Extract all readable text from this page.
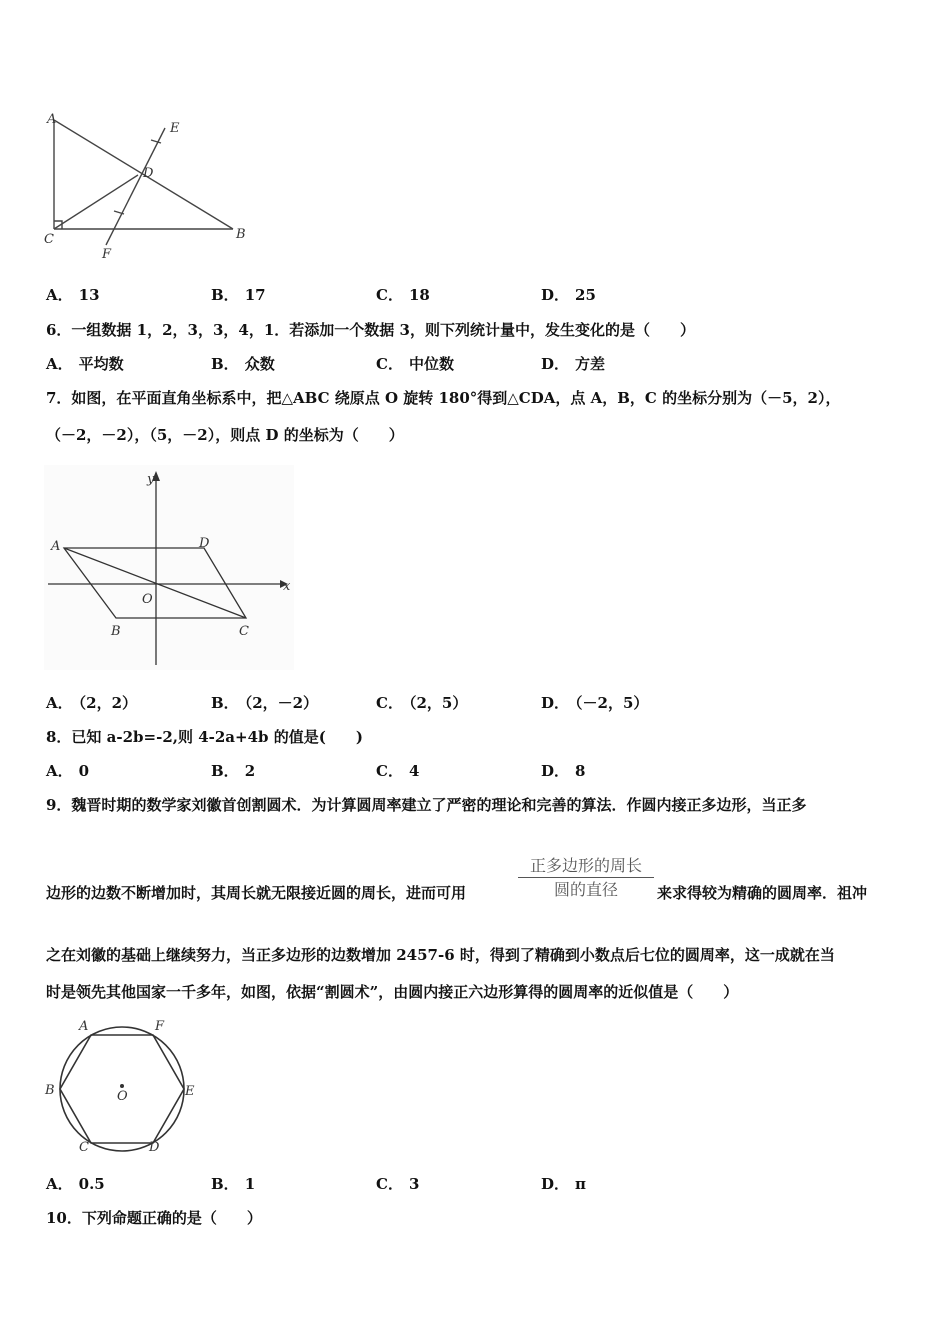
A
B
C
D
E
F
A． 13	B． 17	C． 18	D． 25
6．一组数据 1，2，3，3，4，1．若添加一个数据 3，则下列统计量中，发生变化的是（　　）
A． 平均数	B． 众数	C． 中位数	D． 方差
7．如图，在平面直角坐标系中，把△ABC 绕原点 O 旋转 180°得到△CDA，点 A，B，C 的坐标分别为（－5，2），
（－2，－2），（5，－2），则点 D 的坐标为（　　）
A	D
B	C
O
x
y
A． （2，2）	B． （2，－2）	C． （2，5）	D． （－2，5）
8．已知 a-2b=-2,则 4-2a+4b 的值是(　　)
A． 0	B． 2	C． 4	D． 8
9．魏晋时期的数学家刘徽首创割圆术．为计算圆周率建立了严密的理论和完善的算法．作圆内接正多边形，当正多
边形的边数不断增加时，其周长就无限接近圆的周长，进而可用
正多边形的周长
圆的直径	来求得较为精确的圆周率．祖冲
之在刘徽的基础上继续努力，当正多边形的边数增加 2457-6 时，得到了精确到小数点后七位的圆周率，这一成就在当
时是领先其他国家一千多年，如图，依据“割圆术”，由圆内接正六边形算得的圆周率的近似值是（　　）
A	F
B	E
C	D
O
A． 0.5	B． 1	C． 3	D． π
10．下列命题正确的是（　　）
